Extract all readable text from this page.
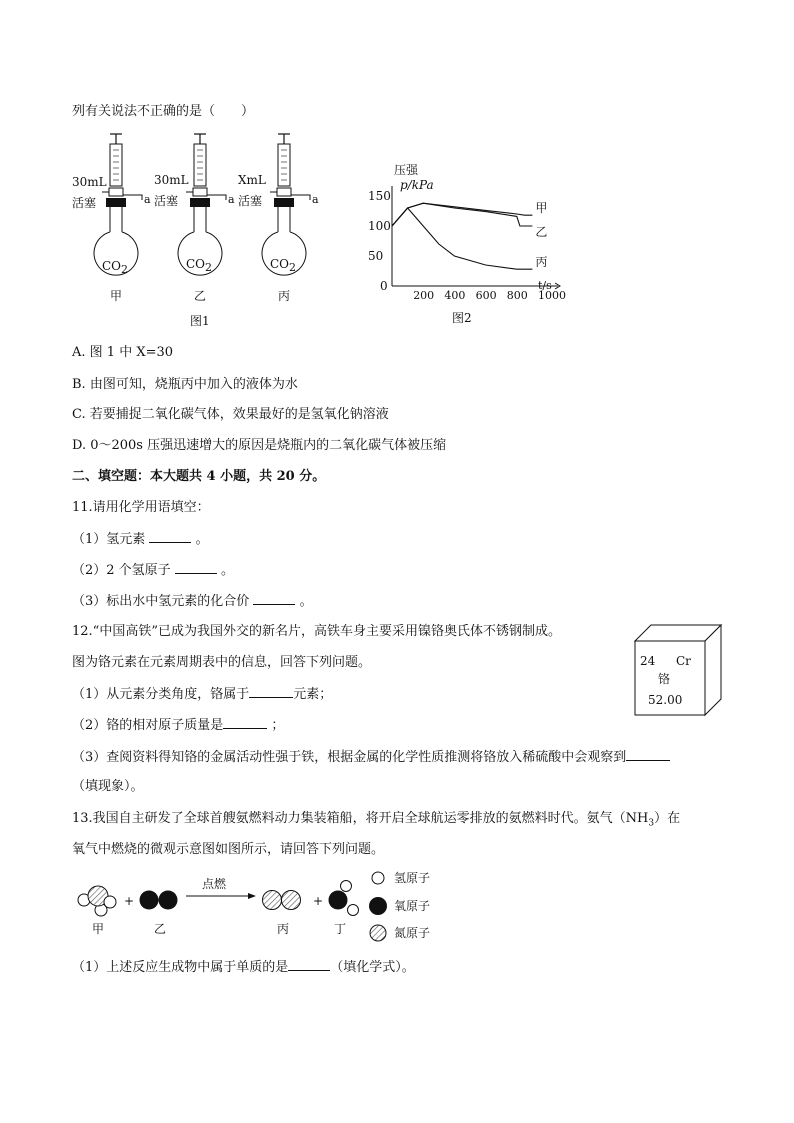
列有关说法不正确的是（　　）
30mL
活塞	a
CO2
甲
30mL
活塞	a
CO2
乙
XmL
活塞	a
CO2
丙
图1
压强
p/kPa
150
100
50
0
200 400 600 800 1000
甲
乙
丙
t/s
图2
A. 图 1 中 X=30
B. 由图可知，烧瓶丙中加入的液体为水
C. 若要捕捉二氧化碳气体，效果最好的是氢氧化钠溶液
D. 0～200s 压强迅速增大的原因是烧瓶内的二氧化碳气体被压缩
二、填空题：本大题共 4 小题，共 20 分。
11.请用化学用语填空：
（1）氢元素	。
（2）2 个氢原子	。
（3）标出水中氢元素的化合价	。
12.“中国高铁”已成为我国外交的新名片，高铁车身主要采用镍铬奥氏体不锈钢制成。
图为铬元素在元素周期表中的信息，回答下列问题。
（1）从元素分类角度，铬属于	元素；
（2）铬的相对原子质量是	；
（3）查阅资料得知铬的金属活动性强于铁，根据金属的化学性质推测将铬放入稀硫酸中会观察到
（填现象）。
24 Cr
铬
52.00
13.我国自主研发了全球首艘氨燃料动力集装箱船，将开启全球航运零排放的氨燃料时代。氨气$(NH_3)$在
氧气中燃烧的微观示意图如图所示，请回答下列问题。
甲
+
乙
点燃
丙
+
丁
氢原子
氧原子
氮原子
（1）上述反应生成物中属于单质的是	（填化学式）。
